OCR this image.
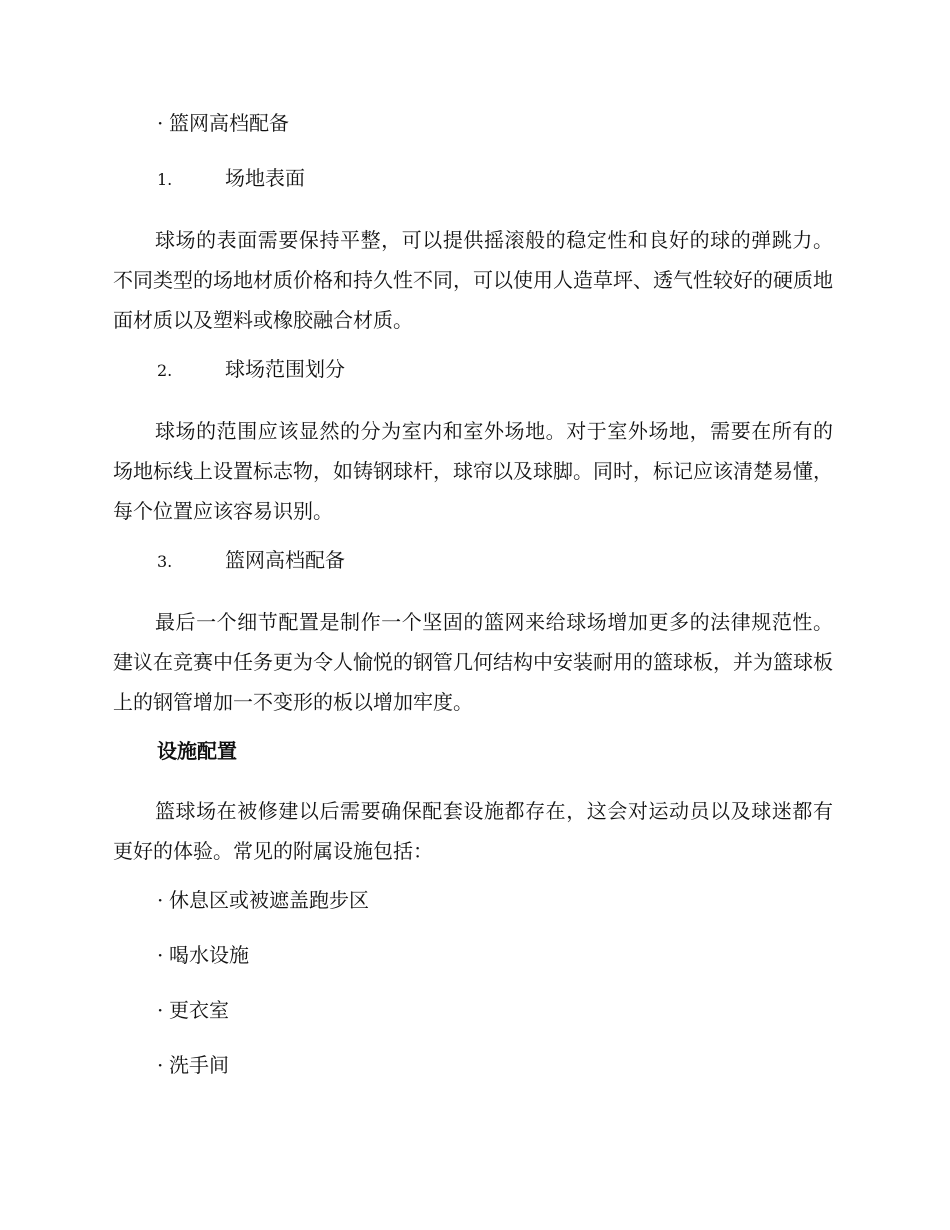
· 篮网高档配备
1.	场地表面

球场的表面需要保持平整，可以提供摇滚般的稳定性和良好的球的弹跳力。不同类型的场地材质价格和持久性不同，可以使用人造草坪、透气性较好的硬质地面材质以及塑料或橡胶融合材质。

2.	球场范围划分

球场的范围应该显然的分为室内和室外场地。对于室外场地，需要在所有的场地标线上设置标志物，如铸钢球杆，球帘以及球脚。同时，标记应该清楚易懂，每个位置应该容易识别。

3.	篮网高档配备

最后一个细节配置是制作一个坚固的篮网来给球场增加更多的法律规范性。建议在竞赛中任务更为令人愉悦的钢管几何结构中安装耐用的篮球板，并为篮球板上的钢管增加一不变形的板以增加牢度。

设施配置

篮球场在被修建以后需要确保配套设施都存在，这会对运动员以及球迷都有更好的体验。常见的附属设施包括：

· 休息区或被遮盖跑步区
· 喝水设施
· 更衣室
· 洗手间
